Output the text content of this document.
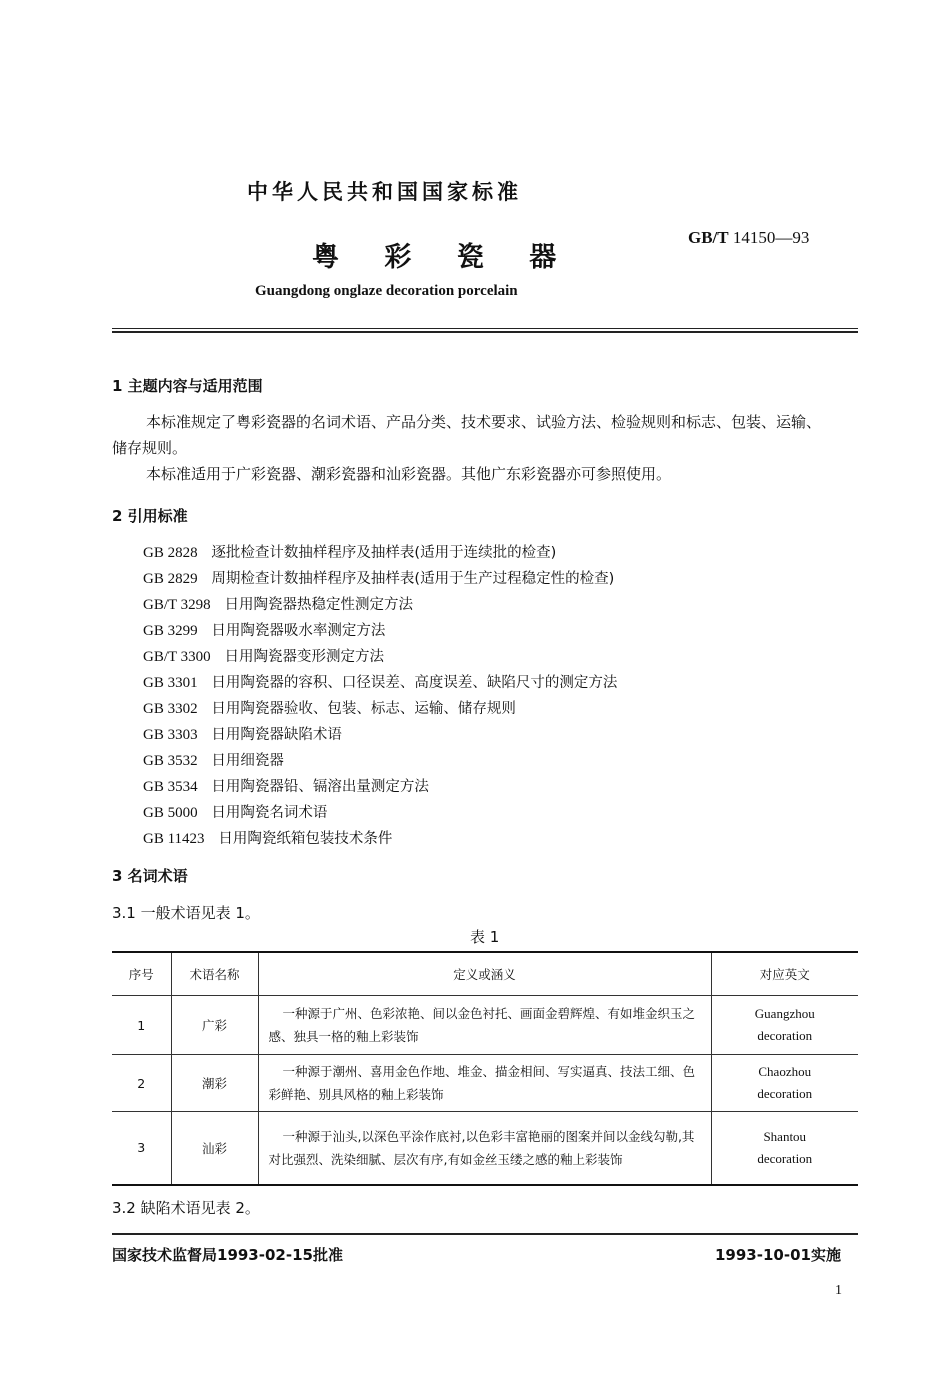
中华人民共和国国家标准
GB/T 14150—93
粤 彩 瓷 器
Guangdong onglaze decoration porcelain
1 主题内容与适用范围
本标准规定了粤彩瓷器的名词术语、产品分类、技术要求、试验方法、检验规则和标志、包装、运输、
储存规则。
本标准适用于广彩瓷器、潮彩瓷器和汕彩瓷器。其他广东彩瓷器亦可参照使用。
2 引用标准
GB 2828 逐批检查计数抽样程序及抽样表(适用于连续批的检查)
GB 2829 周期检查计数抽样程序及抽样表(适用于生产过程稳定性的检查)
GB/T 3298 日用陶瓷器热稳定性测定方法
GB 3299 日用陶瓷器吸水率测定方法
GB/T 3300 日用陶瓷器变形测定方法
GB 3301 日用陶瓷器的容积、口径误差、高度误差、缺陷尺寸的测定方法
GB 3302 日用陶瓷器验收、包装、标志、运输、储存规则
GB 3303 日用陶瓷器缺陷术语
GB 3532 日用细瓷器
GB 3534 日用陶瓷器铅、镉溶出量测定方法
GB 5000 日用陶瓷名词术语
GB 11423 日用陶瓷纸箱包装技术条件
3 名词术语
3.1 一般术语见表 1。
表 1
序号	术语名称	定义或涵义	对应英文
1	广彩	一种源于广州、色彩浓艳、间以金色衬托、画面金碧辉煌、有如堆金织玉之感、独具一格的釉上彩装饰	Guangzhou
decoration
2	潮彩	一种源于潮州、喜用金色作地、堆金、描金相间、写实逼真、技法工细、色彩鲜艳、别具风格的釉上彩装饰	Chaozhou
decoration
3	汕彩	一种源于汕头,以深色平涂作底衬,以色彩丰富艳丽的图案并间以金线勾勒,其对比强烈、洗染细腻、层次有序,有如金丝玉缕之感的釉上彩装饰	Shantou
decoration
3.2 缺陷术语见表 2。
国家技术监督局1993-02-15批准	1993-10-01实施
1
